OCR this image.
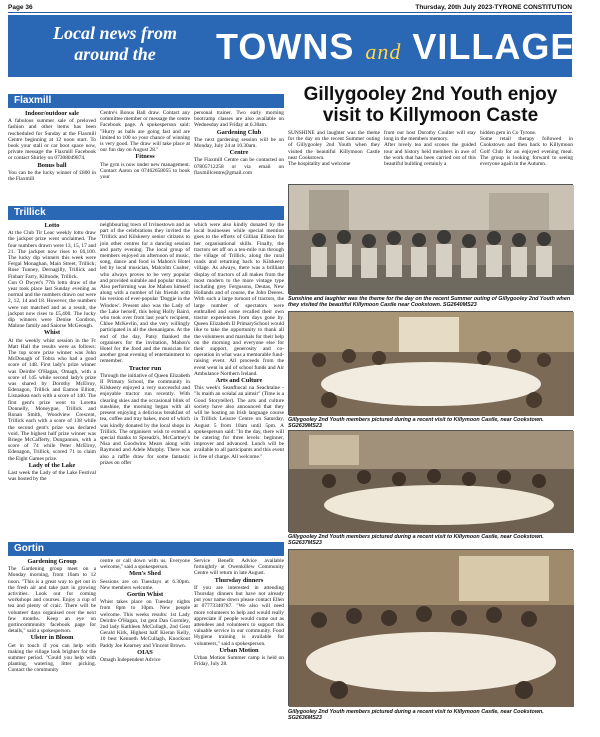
Page 36	Thursday, 20th July 2023-TYRONE CONSTITUTION
Local news from around the	TOWNS and VILLAGES
Flaxmill
Indoor/outdoor sale

A fabulous summer sale of preloved fashion and other items has been rescheduled for Sunday at the Flaxmill Centre beginning at 12 noon start. To book your stall or car boot space now, private message the Flaxmill Facebook or contact Shirley on 07308049874.

Bonus ball

You can be the lucky winner of £800 in the Flaxmill

Centre's Bonus Ball draw. Contact any committee member or message the centre Facebook page. A spokesperson said: "Hurry as balls are going fast and are limited to 100 so your chance of winning is very good. The draw will take place at our fun day on August 28."

Fitness

The gym is now under new management. Contact Aaron on 07462658055 to book your

personal trainer. Two early morning bootcamp classes are also available on Wednesday and Friday at 6.30am.

Gardening Club

The next gardening session will be on Monday, July 24 at 10.30am.

Centre

The Flaxmill Centre can be contacted on 07805712258 or via email on flaxmillcentre@gmail.com

Trillick
Lotto

At the Club Tir Leac weekly lotto draw the jackpot prize went unclaimed. The four numbers drawn were 13, 15, 17 and 21. The jackpot now rises to £6,100. The lucky dip winners this week were Fergal Monaghan, Main Street, Trillick; Rose Tunney, Dernagilly, Trillick and Finbarr Farry, Kiltoode, Trillick.

Con O Dwyer's 77th lotto draw of the year took place last Sunday evening as normal and the numbers drawn out were 2, 12, 14 and 18. However, the numbers were not matched and as a result, the jackpot now rises to £5,400. The lucky dip winners were Denise Condron, Malone family and Saiorse McGeough.

Whist

At the weekly whist session in the Fr Matt Hall the results were as follows: The top score prize winner was John McDonagh of Tobra who had a good score of 148. First lady's prize winner was Deirdre O'Hagan, Omagh, with a score of 145 while second lady's prize was shared by Dorothy McElroy, Edenagon, Trillick and Eamon Elliott, Lisnaskea each with a score of 140. The first gent's prize went to Loretta Donnelly, Moneygue, Trillick and Ronan Smith, Woodview Crescent, Trillick each with a score of 138 while the second gent's prize was declared void. The highest half prize winner was Briege McCafferty, Dungannon, with a score of 74 while Peter McElroy, Edenagon, Trillick, scored 71 to claim the Eight Games prize.

Lady of the Lake

Last week the Lady of the Lake Festival was hosted by the

neighbouring town of Irvinestown and as part of the celebrations they invited the 'Trillick and Kilskeery senior citizens to join other centres for a dancing session and party evening. The local group of members enjoyed an afternoon of music, song, dance and food in Mahon's Hotel led by local musician, Malcolm Coalter, who always proves to be very popular and provided suitable and popular music. Also performing was Joe Mahon himself along with a number of his friends with his version of ever-popular 'Doggie in the Window'. Present also was the Lady of the Lake herself, this being Holly Baird, who took over from last year's recipient, Chloe McKevlin, and she very willingly participated in all the shenanigans. At the end of the day, Patsy thanked the organisers for the invitation, Mahon's Hotel for the food and the musician for another great evening of entertainment to remember.

Tractor run

Through the initiative of Queen Elizabeth II Primary School, the community in Kilskeery enjoyed a very successful and enjoyable tractor run recently. With clearing skies and the occasional blink of sunshine, the morning began with all present enjoying a delicious breakfast of tea, coffee and tray bakes, most of which was kindly donated by the local shops in Trillick. The organisers wish to extend a special thanks to Spreadz's, McCartney's Nisa and Goodwins Mears along with Raymond and Adele Murphy. There was also a raffle draw for some fantastic prizes on offer

which were also kindly donated by the local businesses while special mention goes to the efforts of Gillian Ellison for her organisational skills. Finally, the tractors set off on a ten-mile run through the village of Trillick, along the rural roads and returning back to Kilskeery village. As always, there was a brilliant display of tractors of all makes from the most modern to the more vintage type including grey Fergusons, Deutas, New Hollands and of course, the John Deeres. With such a large turnout of tractors, the large number of spectators were enthralled and some recalled their own tractor experiences from days gone by. Queen Elizabeth II PrimarySchool would like to take the opportunity to thank all the volunteers and marshals for their help on the morning and everyone else for their support, generosity and co-operation in what was a memorable fund-raising event. All proceeds from the event went in aid of school funds and Air Ambulance Northern Ireland.

Arts and Culture

This week's Seanfhocal na Seachtaine - "Is maith an scéalaí an aimsir" (Time is a Good Storyteller). The arts and culture society have also announced that they will be hosting an Irish language course in Trillick Leisure Centre on Saturday, August 5 from 10am until 5pm. A spokesperson said: "In the day, there will be catering for three levels: beginner, improver and advanced. Lunch will be available to all participants and this event is free of charge. All welcome."

Gortin
Gardening Group

The Gardening group meet on a Monday morning, from 10am to 12 noon. "This is a great way to get out in the fresh air and take part in growing activities. Look out for coming workshops and courses. Enjoy a cup of tea and plenty of craic. There will be volunteer days organised over the next few months. Keep an eye on gortincommunity facebook page for details," said a spokesperson.

Ulster in Bloom

Get in touch if you can help with making the village look brighter for the summer period. "Could you help with planting, watering, litter picking. Contact the community

centre or call down with us. Everyone welcome," said a spokesperson.

Men's Shed

Sessions are on Tuesdays at 6.30pm. New members welcome.

Gortin Whist

Whist takes place on Tuesday nights from 8pm to 10pm. New people welcome. This weeks results: 1st Lady Deirdre O'Hagan, 1st gent Dan Gormley, 2nd lady Kathleen McCullagh, 2nd Gent Gerald Kirk, Highest half Kieran Kelly, 10 best Kenneth McCullagh, Knockout Paddy Joe Kearney and Vincent Brown.

OIAS

Omagh Independent Advice

Service Benefit Advice available fortnightly at Owenkillew Community Centre will return in late August.

Thursday dinners

If you are interested in attending Thursday dinners but have not already put your name down please contact Ellen at 07773340787. "We also will need more volunteers to help and would really appreciate if people would come out as attendees and volunteers to support this valuable service in our community. Food Hygiene training is available for volunteers," said a spokesperson.

Urban Motion

Urban Motion Summer camp is held on Friday, July 28.

Gillygooley 2nd Youth enjoy visit to Killymoon Caste

SUNSHINE and laughter was the theme for the day on the recent Summer outing of Gillygooley 2nd Youth when they visited the beautiful Killymoon Castle near Cookstown.

The hospitality and welcome

from our host Dorothy Coulter will stay long in the members memory.

After lovely tea and scones the guided tour and history held members in awe of the work that has been carried out of this beautiful building certainly a

hidden gem in Co Tyrone.

Some retail therapy followed in Cookstown and then back to Killymoon Golf Club for an enjoyed evening meal. The group is looking forward to seeing everyone again in the Autumn.

Sunshine and laughter was the theme for the day on the recent Summer outing of Gillygooley 2nd Youth when they visited the beautiful Killymoon Castle near Cookstown. SG2640MS23
Gillygooley 2nd Youth members pictured during a recent visit to Killymoon Castle, near Cookstown. SG2639MS23
Gillygooley 2nd Youth members pictured during a recent visit to Killymoon Castle, near Cookstown. SG2637MS23
Gillygooley 2nd Youth members pictured during a recent visit to Killymoon Castle, near Cookstown. SG2636MS23
